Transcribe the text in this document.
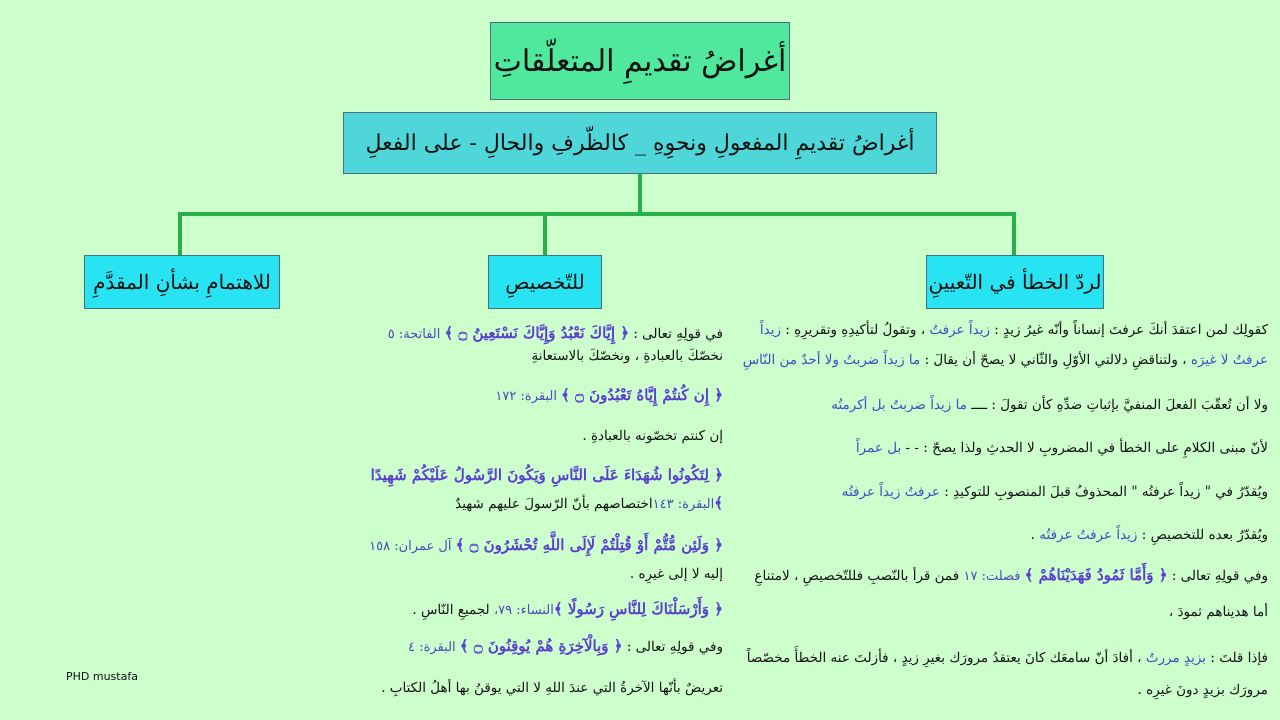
أغراضُ تقديمِ المتعلّقاتِ
أغراضُ تقديمِ المفعولِ ونحوِهِ _ كالظّرفِ والحالِ - على الفعلِ
لردّ الخطأ في التّعيينِ
للتّخصيصِ
للاهتمامِ بشأنِ المقدَّمِ
كقولِك لمن اعتقدَ أنكَ عرفتَ إنساناً وأنّه غيرُ زيدٍ : زيداً عرفتُ ، وتقولُ لتأكيدِهِ وتقريرِهِ : زيداً
عرفتُ لا غيرَه ، ولتناقضِ دلالتي الأوّلِ والثّاني لا يصحّ أن يقالَ : ما زيداً ضربتُ ولا أحدٌ من النّاسِ
ولا أن تُعقّبَ الفعلَ المنفيَّ بإثباتِ ضدِّهِ كأن تقولَ : ــــ ما زيداً ضربتُ بل أكرمتُه
لأنّ مبنى الكلامِ على الخطأ في المضروبِ لا الحدثِ ولذا يصحّ : - - بل عمراً
ويُقدّرُ في " زيداً عرفتُه " المحذوفُ قبلَ المنصوبِ للتوكيدِ : عرفتُ زيداً عرفتُه
ويُقدّرُ بعده للتخصيصِ : زيداً عرفتُ عرفتُه .
وفي قولِهِ تعالى : ﴿ وَأَمَّا ثَمُودُ فَهَدَيْنَاهُمْ ﴾ فصلت: ١٧ فمن قرأ بالنّصبِ فللتّخصيصِ ، لامتناعِ
أما هديناهم ثمودَ ،
فإذا قلتَ : بزيدٍ مررتُ ، أفادَ أنّ سامعَك كانَ يعتقدُ مرورَك بغيرِ زيدٍ ، فأزلتَ عنه الخطأَ مخصّصاً
مرورَك بزيدٍ دونَ غيرِه .
في قولِهِ تعالى : ﴿ إِيَّاكَ نَعْبُدُ وَإِيَّاكَ نَسْتَعِينُ ۝ ﴾ الفاتحة: ٥
نخصّكَ بالعبادةِ ، ونخصّكَ بالاستعانةِ
﴿ إِن كُنتُمْ إِيَّاهُ تَعْبُدُونَ ۝ ﴾ البقرة: ١٧٢
إن كنتم تخصّونه بالعبادةِ .
﴿ لِتَكُونُوا شُهَدَاءَ عَلَى النَّاسِ وَيَكُونَ الرَّسُولُ عَلَيْكُمْ شَهِيدًا
﴾البقرة: ١٤٣اختصاصهم بأنّ الرّسولَ عليهم شهيدٌ
﴿ وَلَئِن مُّتُّمْ أَوْ قُتِلْتُمْ لَإِلَى اللَّهِ تُحْشَرُونَ ۝ ﴾ آل عمران: ١٥٨
إليه لا إلى غيرِه .
﴿ وَأَرْسَلْنَاكَ لِلنَّاسِ رَسُولًا ﴾النساء: ٧٩، لجميعِ النّاسِ .
وفي قولِهِ تعالى : ﴿ وَبِالْآخِرَةِ هُمْ يُوقِنُونَ ۝ ﴾ البقرة: ٤
تعريضٌ بأنّها الآخرةُ التي عندَ اللهِ لا التي يوقنُ بها أهلُ الكتابِ .
PHD mustafa
